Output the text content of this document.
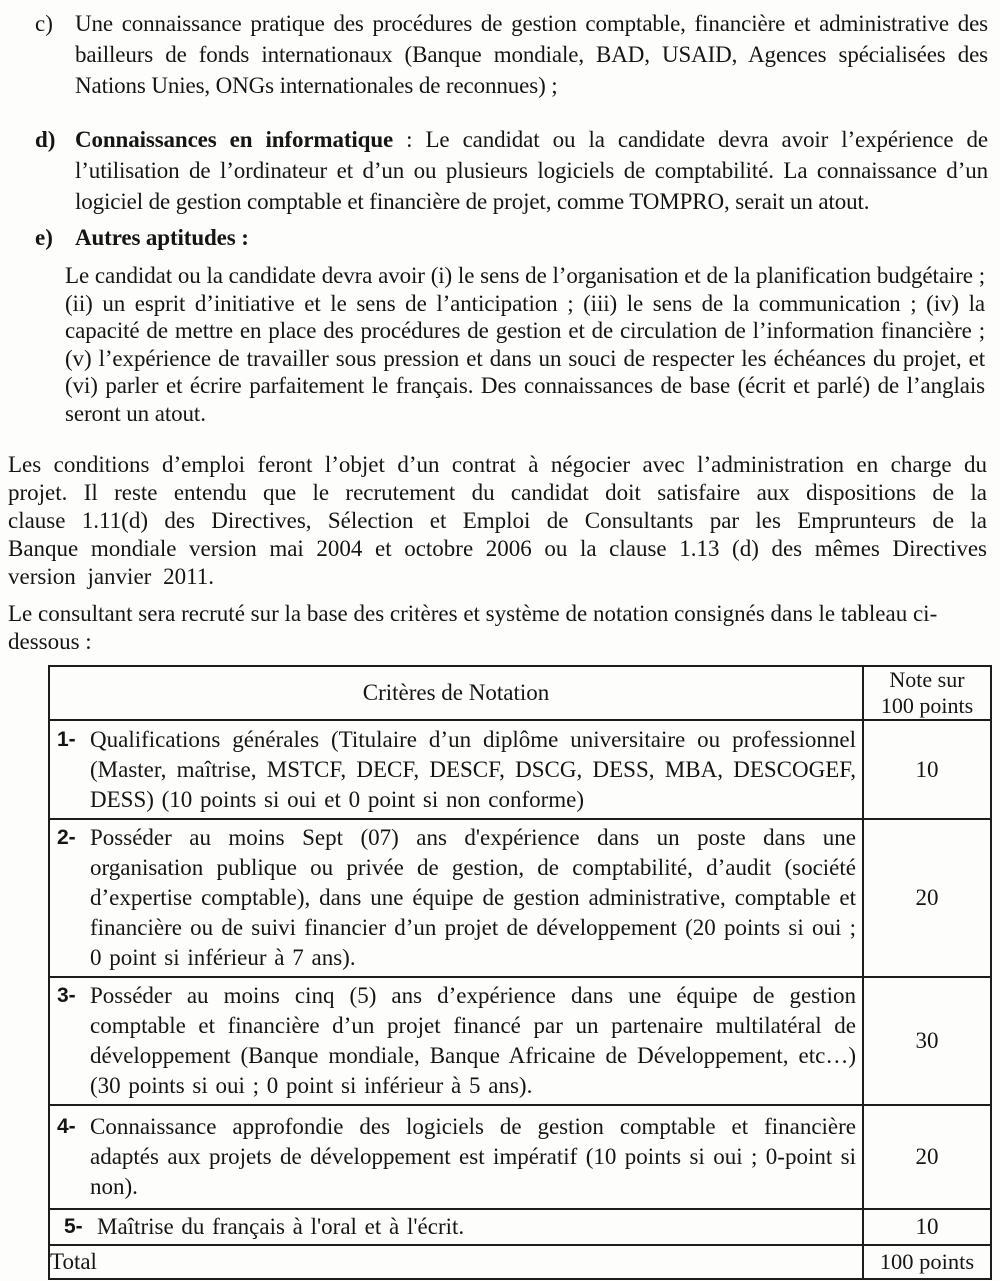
c) Une connaissance pratique des procédures de gestion comptable, financière et administrative des bailleurs de fonds internationaux (Banque mondiale, BAD, USAID, Agences spécialisées des Nations Unies, ONGs internationales de reconnues) ;
d) Connaissances en informatique : Le candidat ou la candidate devra avoir l’expérience de l’utilisation de l’ordinateur et d’un ou plusieurs logiciels de comptabilité. La connaissance d’un logiciel de gestion comptable et financière de projet, comme TOMPRO, serait un atout.
e) Autres aptitudes :
Le candidat ou la candidate devra avoir (i) le sens de l’organisation et de la planification budgétaire ; (ii) un esprit d’initiative et le sens de l’anticipation ; (iii) le sens de la communication ; (iv) la capacité de mettre en place des procédures de gestion et de circulation de l’information financière ; (v) l’expérience de travailler sous pression et dans un souci de respecter les échéances du projet, et (vi) parler et écrire parfaitement le français. Des connaissances de base (écrit et parlé) de l’anglais seront un atout.
Les conditions d’emploi feront l’objet d’un contrat à négocier avec l’administration en charge du projet. Il reste entendu que le recrutement du candidat doit satisfaire aux dispositions de la clause 1.11(d) des Directives, Sélection et Emploi de Consultants par les Emprunteurs de la Banque mondiale version mai 2004 et octobre 2006 ou la clause 1.13 (d) des mêmes Directives version janvier 2011.
Le consultant sera recruté sur la base des critères et système de notation consignés dans le tableau ci-dessous :
Critères de Notation	Note sur
100 points

1- Qualifications générales (Titulaire d’un diplôme universitaire ou professionnel (Master, maîtrise, MSTCF, DECF, DESCF, DSCG, DESS, MBA, DESCOGEF, DESS) (10 points si oui et 0 point si non conforme)	10

2- Posséder au moins Sept (07) ans d'expérience dans un poste dans une organisation publique ou privée de gestion, de comptabilité, d’audit (société d’expertise comptable), dans une équipe de gestion administrative, comptable et financière ou de suivi financier d’un projet de développement (20 points si oui ; 0 point si inférieur à 7 ans).	20

3- Posséder au moins cinq (5) ans d’expérience dans une équipe de gestion comptable et financière d’un projet financé par un partenaire multilatéral de développement (Banque mondiale, Banque Africaine de Développement, etc…) (30 points si oui ; 0 point si inférieur à 5 ans).	30

4- Connaissance approfondie des logiciels de gestion comptable et financière adaptés aux projets de développement est impératif (10 points si oui ; 0-point si non).	20

5- Maîtrise du français à l'oral et à l'écrit.	10
Total	100 points
